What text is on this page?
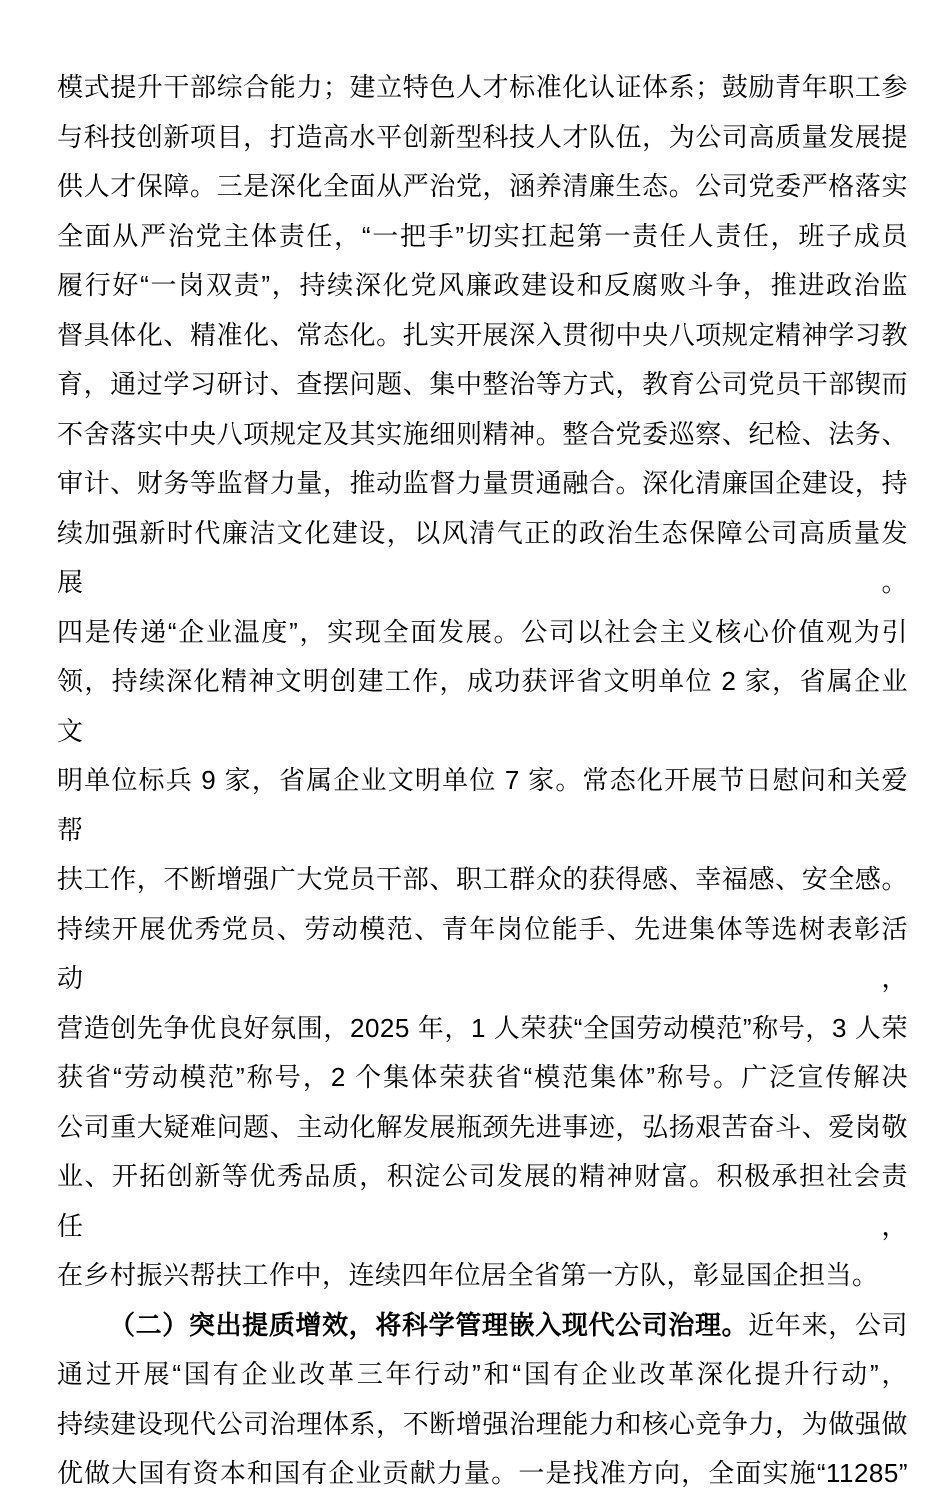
模式提升干部综合能力；建立特色人才标准化认证体系；鼓励青年职工参
与科技创新项目，打造高水平创新型科技人才队伍，为公司高质量发展提
供人才保障。三是深化全面从严治党，涵养清廉生态。公司党委严格落实
全面从严治党主体责任，“一把手”切实扛起第一责任人责任，班子成员
履行好“一岗双责”，持续深化党风廉政建设和反腐败斗争，推进政治监
督具体化、精准化、常态化。扎实开展深入贯彻中央八项规定精神学习教
育，通过学习研讨、查摆问题、集中整治等方式，教育公司党员干部锲而
不舍落实中央八项规定及其实施细则精神。整合党委巡察、纪检、法务、
审计、财务等监督力量，推动监督力量贯通融合。深化清廉国企建设，持
续加强新时代廉洁文化建设，以风清气正的政治生态保障公司高质量发展。
四是传递“企业温度”，实现全面发展。公司以社会主义核心价值观为引
领，持续深化精神文明创建工作，成功获评省文明单位 2 家，省属企业文
明单位标兵 9 家，省属企业文明单位 7 家。常态化开展节日慰问和关爱帮
扶工作，不断增强广大党员干部、职工群众的获得感、幸福感、安全感。
持续开展优秀党员、劳动模范、青年岗位能手、先进集体等选树表彰活动，
营造创先争优良好氛围，2025 年，1 人荣获“全国劳动模范”称号，3 人荣
获省“劳动模范”称号，2 个集体荣获省“模范集体”称号。广泛宣传解决
公司重大疑难问题、主动化解发展瓶颈先进事迹，弘扬艰苦奋斗、爱岗敬
业、开拓创新等优秀品质，积淀公司发展的精神财富。积极承担社会责任，
在乡村振兴帮扶工作中，连续四年位居全省第一方队，彰显国企担当。
（二）突出提质增效，将科学管理嵌入现代公司治理。近年来，公司
通过开展“国有企业改革三年行动”和“国有企业改革深化提升行动”，
持续建设现代公司治理体系，不断增强治理能力和核心竞争力，为做强做
优做大国有资本和国有企业贡献力量。一是找准方向，全面实施“11285”
